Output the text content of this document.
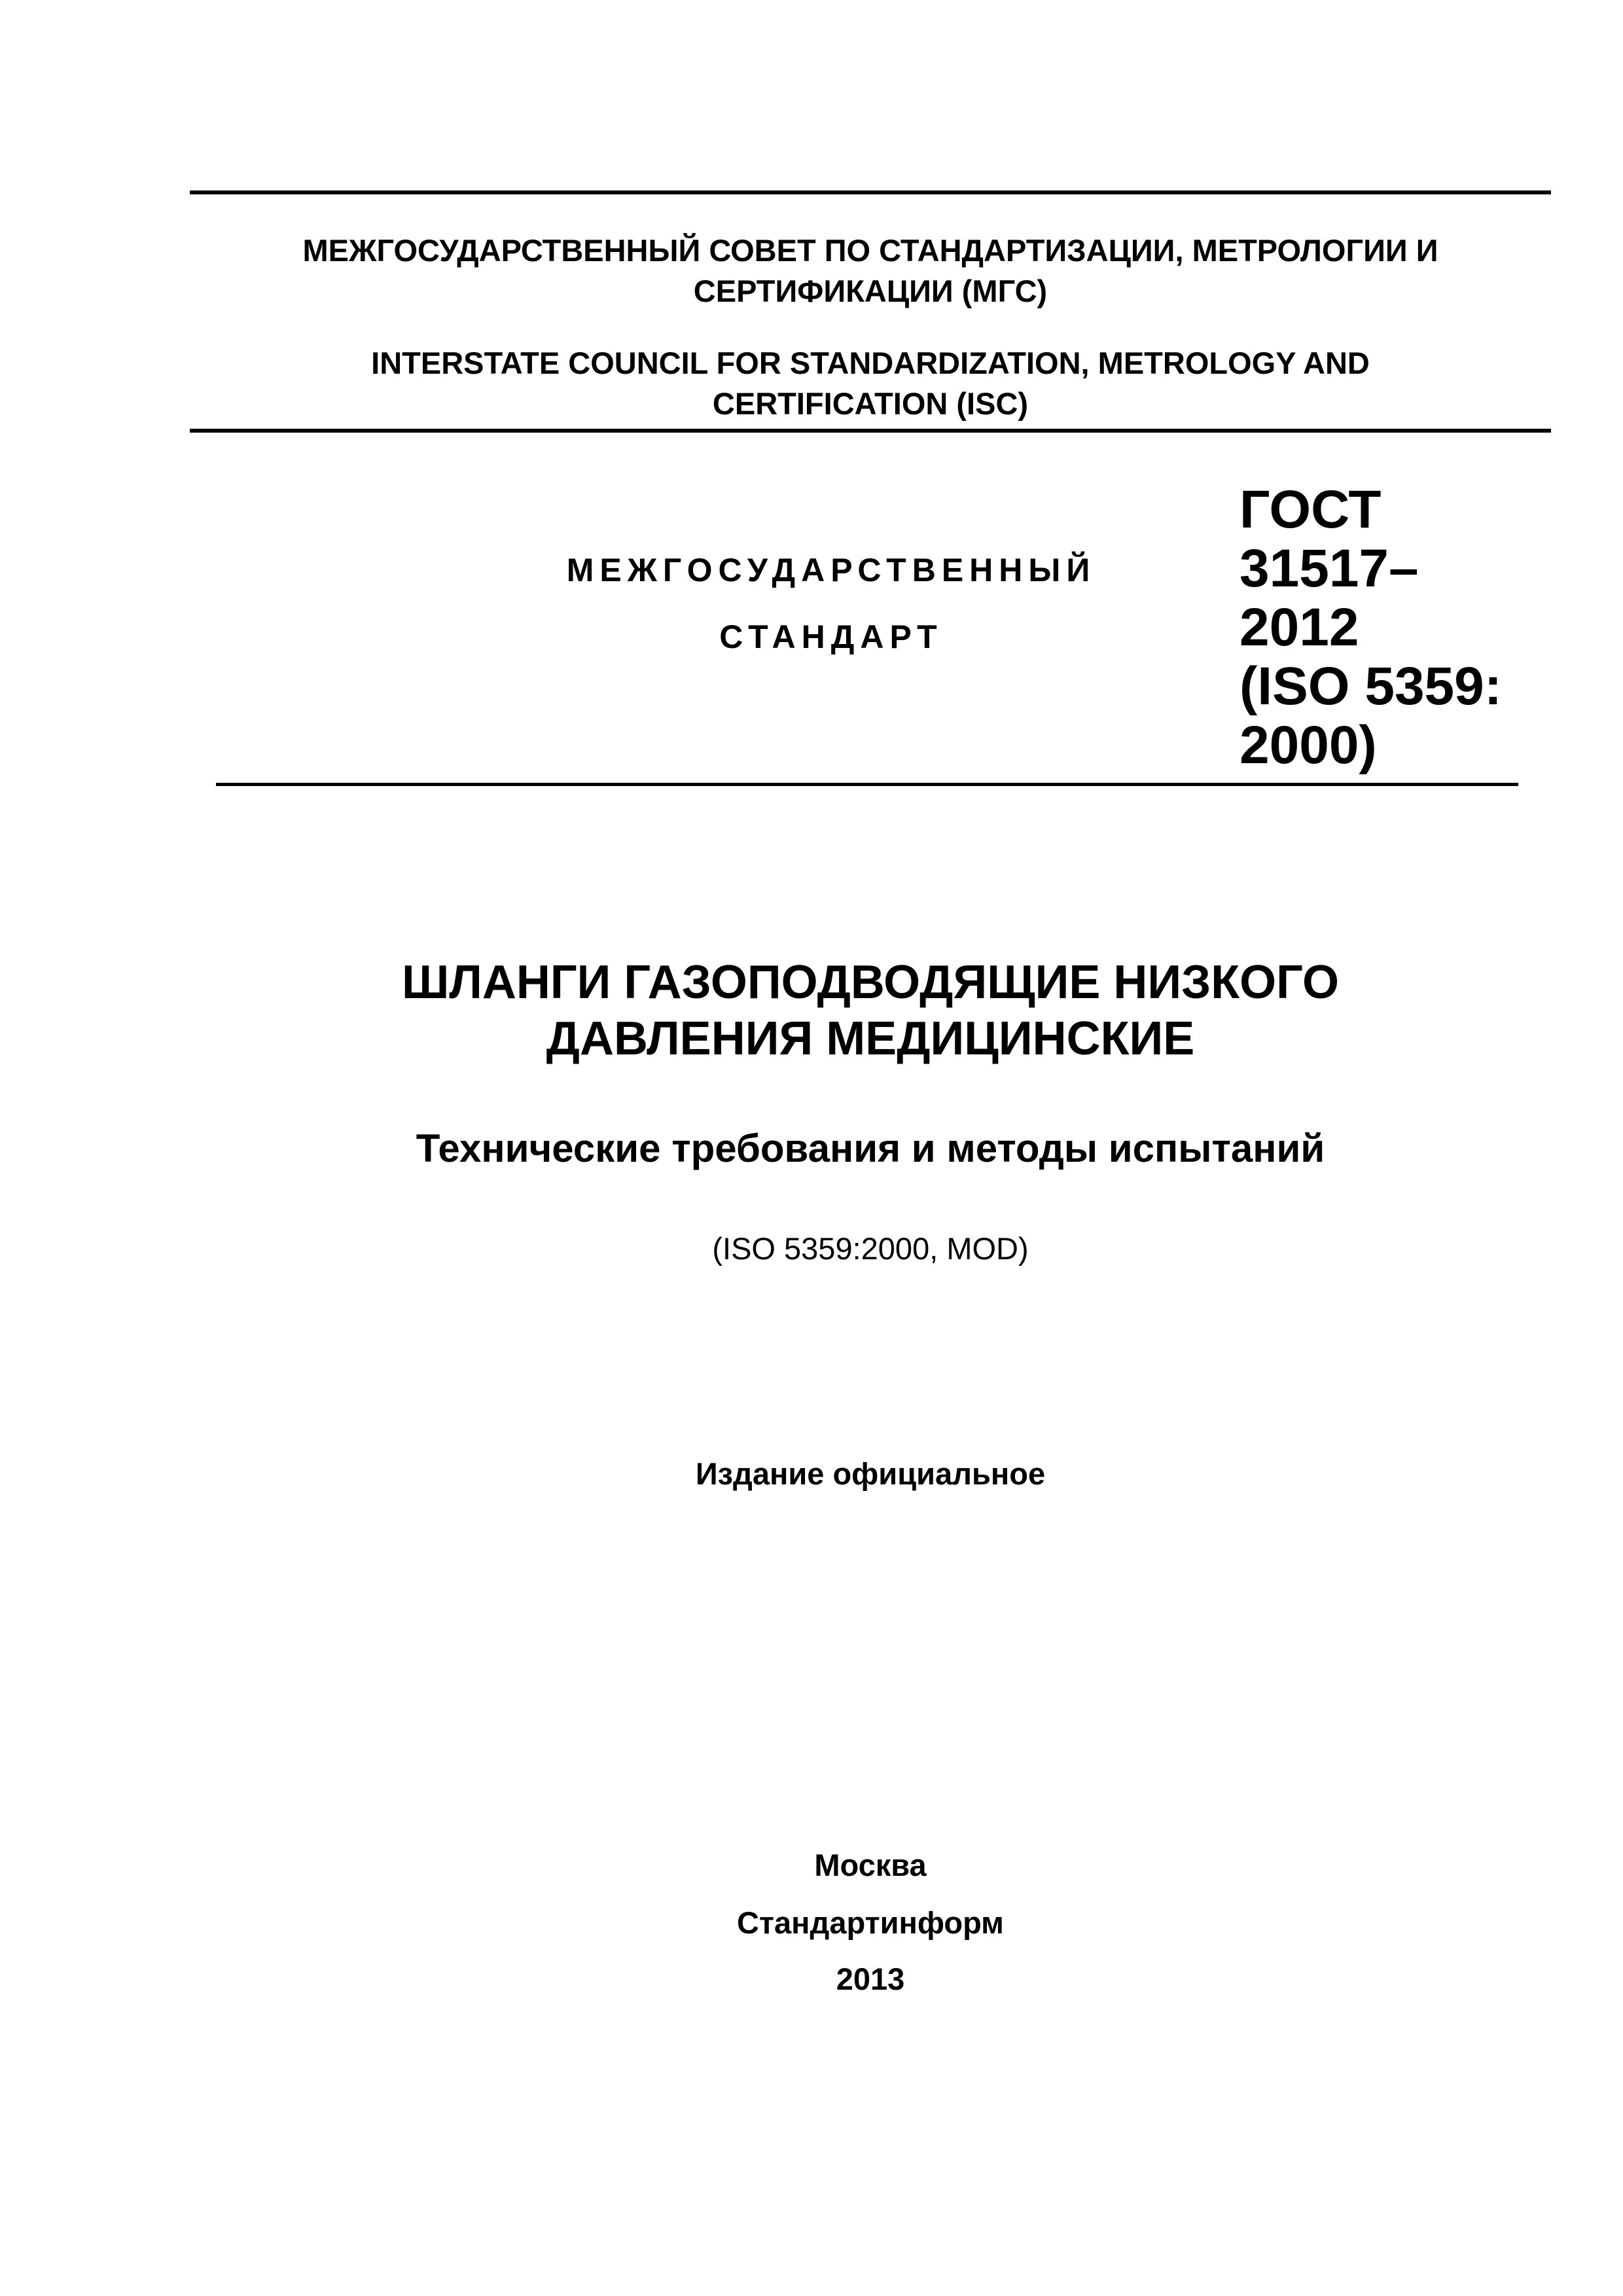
МЕЖГОСУДАРСТВЕННЫЙ СОВЕТ ПО СТАНДАРТИЗАЦИИ, МЕТРОЛОГИИ И
СЕРТИФИКАЦИИ (МГС)
INTERSTATE COUNCIL FOR STANDARDIZATION, METROLOGY AND
CERTIFICATION (ISC)
МЕЖГОСУДАРСТВЕННЫЙ
СТАНДАРТ
ГОСТ
31517–
2012
(ISO 5359:
2000)
ШЛАНГИ ГАЗОПОДВОДЯЩИЕ НИЗКОГО
ДАВЛЕНИЯ МЕДИЦИНСКИЕ
Технические требования и методы испытаний
(ISO 5359:2000, MOD)
Издание официальное
Москва
Стандартинформ
2013
